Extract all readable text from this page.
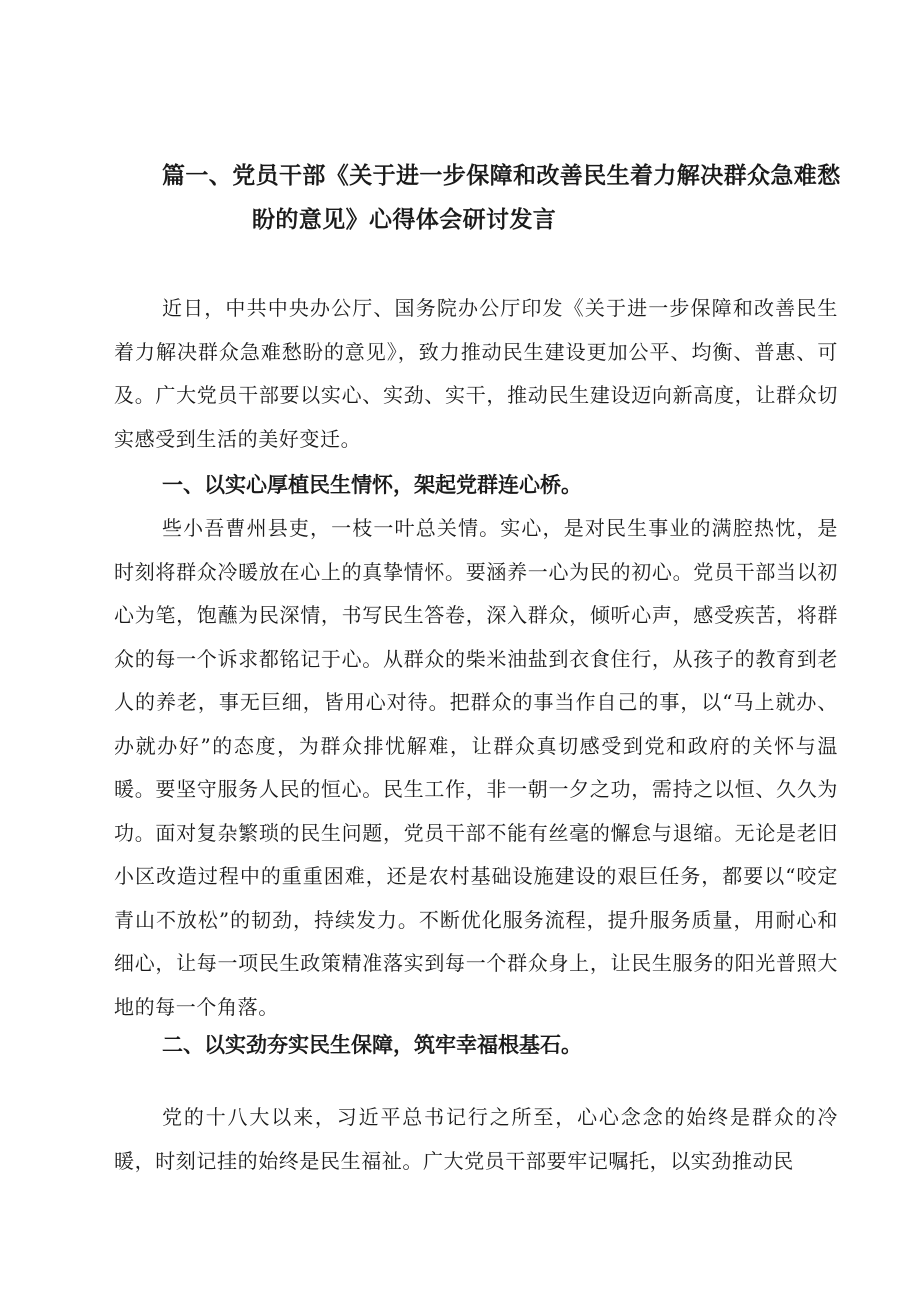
篇一、党员干部《关于进一步保障和改善民生着力解决群众急难愁
盼的意见》心得体会研讨发言

近日，中共中央办公厅、国务院办公厅印发《关于进一步保障和改善民生着力解决群众急难愁盼的意见》，致力推动民生建设更加公平、均衡、普惠、可及。广大党员干部要以实心、实劲、实干，推动民生建设迈向新高度，让群众切实感受到生活的美好变迁。

一、以实心厚植民生情怀，架起党群连心桥。

些小吾曹州县吏，一枝一叶总关情。实心，是对民生事业的满腔热忱，是时刻将群众冷暖放在心上的真挚情怀。要涵养一心为民的初心。党员干部当以初心为笔，饱蘸为民深情，书写民生答卷，深入群众，倾听心声，感受疾苦，将群众的每一个诉求都铭记于心。从群众的柴米油盐到衣食住行，从孩子的教育到老人的养老，事无巨细，皆用心对待。把群众的事当作自己的事，以“马上就办、办就办好”的态度，为群众排忧解难，让群众真切感受到党和政府的关怀与温暖。要坚守服务人民的恒心。民生工作，非一朝一夕之功，需持之以恒、久久为功。面对复杂繁琐的民生问题，党员干部不能有丝毫的懈怠与退缩。无论是老旧小区改造过程中的重重困难，还是农村基础设施建设的艰巨任务，都要以“咬定青山不放松”的韧劲，持续发力。不断优化服务流程，提升服务质量，用耐心和细心，让每一项民生政策精准落实到每一个群众身上，让民生服务的阳光普照大地的每一个角落。

二、以实劲夯实民生保障，筑牢幸福根基石。

党的十八大以来，习近平总书记行之所至，心心念念的始终是群众的冷暖，时刻记挂的始终是民生福祉。广大党员干部要牢记嘱托，以实劲推动民
